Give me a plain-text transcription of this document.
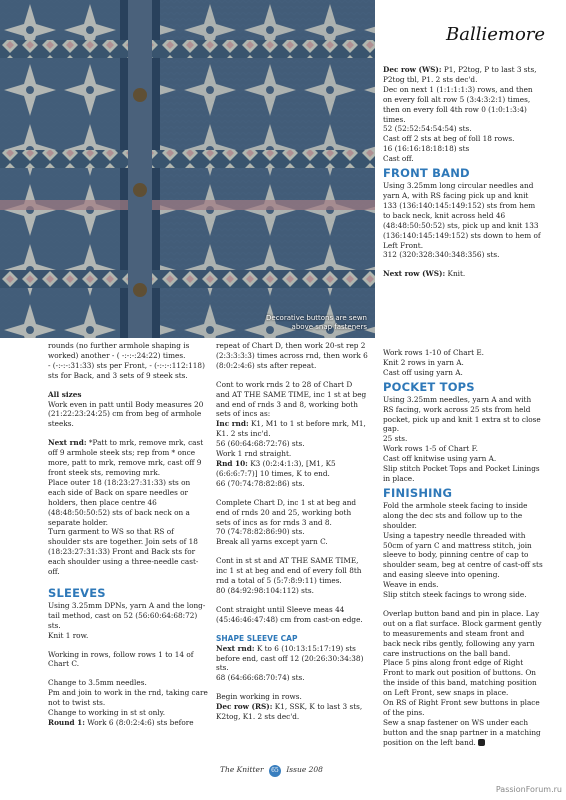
Decorative buttons are sewn above snap fasteners
Balliemore
rounds (no further armhole shaping is worked) another - ( -:-:-:24:22) times.
- (-:-:-:31:33) sts per Front, - (-:-:-:112:118) sts for Back, and 3 sets of 9 steek sts.
All sizes
Work even in patt until Body measures 20 (21:22:23:24:25) cm from beg of armhole steeks.
Next rnd: *Patt to mrk, remove mrk, cast off 9 armhole steek sts; rep from * once more, patt to mrk, remove mrk, cast off 9 front steek sts, removing mrk.
Place outer 18 (18:23:27:31:33) sts on each side of Back on spare needles or holders, then place centre 46 (48:48:50:50:52) sts of back neck on a separate holder.
Turn garment to WS so that RS of shoulder sts are together. Join sets of 18 (18:23:27:31:33) Front and Back sts for each shoulder using a three-needle cast-off.
SLEEVES
Using 3.25mm DPNs, yarn A and the long-tail method, cast on 52 (56:60:64:68:72) sts.
Knit 1 row.
Working in rows, follow rows 1 to 14 of Chart C.
Change to 3.5mm needles.
Pm and join to work in the rnd, taking care not to twist sts.
Change to working in st st only.
Round 1: Work 6 (8:0:2:4:6) sts before
repeat of Chart D, then work 20-st rep 2 (2:3:3:3:3) times across rnd, then work 6 (8:0:2:4:6) sts after repeat.
Cont to work rnds 2 to 28 of Chart D and AT THE SAME TIME, inc 1 st at beg and end of rnds 3 and 8, working both sets of incs as:
Inc rnd: K1, M1 to 1 st before mrk, M1, K1. 2 sts inc'd.
56 (60:64:68:72:76) sts.
Work 1 rnd straight.
Rnd 10: K3 (0:2:4:1:3), [M1, K5 (6:6:6:7:7)] 10 times, K to end.
66 (70:74:78:82:86) sts.
Complete Chart D, inc 1 st at beg and end of rnds 20 and 25, working both sets of incs as for rnds 3 and 8.
70 (74:78:82:86:90) sts.
Break all yarns except yarn C.
Cont in st st and AT THE SAME TIME, inc 1 st at beg and end of every foll 8th rnd a total of 5 (5:7:8:9:11) times.
80 (84:92:98:104:112) sts.
Cont straight until Sleeve meas 44 (45:46:46:47:48) cm from cast-on edge.
SHAPE SLEEVE CAP
Next rnd: K to 6 (10:13:15:17:19) sts before end, cast off 12 (20:26:30:34:38) sts.
68 (64:66:68:70:74) sts.
Begin working in rows.
Dec row (RS): K1, SSK, K to last 3 sts, K2tog, K1. 2 sts dec'd.
Dec row (WS): P1, P2tog, P to last 3 sts, P2tog tbl, P1. 2 sts dec'd.
Dec on next 1 (1:1:1:1:3) rows, and then on every foll alt row 5 (3:4:3:2:1) times, then on every foll 4th row 0 (1:0:1:3:4) times.
52 (52:52:54:54:54) sts.
Cast off 2 sts at beg of foll 18 rows.
16 (16:16:18:18:18) sts
Cast off.
FRONT BAND
Using 3.25mm long circular needles and yarn A, with RS facing pick up and knit 133 (136:140:145:149:152) sts from hem to back neck, knit across held 46 (48:48:50:50:52) sts, pick up and knit 133 (136:140:145:149:152) sts down to hem of Left Front.
312 (320:328:340:348:356) sts.
Next row (WS): Knit.
Work rows 1-10 of Chart E.
Knit 2 rows in yarn A.
Cast off using yarn A.
POCKET TOPS
Using 3.25mm needles, yarn A and with RS facing, work across 25 sts from held pocket, pick up and knit 1 extra st to close gap.
25 sts.
Work rows 1-5 of Chart F.
Cast off knitwise using yarn A.
Slip stitch Pocket Tops and Pocket Linings in place.
FINISHING
Fold the armhole steek facing to inside along the dec sts and follow up to the shoulder.
Using a tapestry needle threaded with 50cm of yarn C and mattress stitch, join sleeve to body, pinning centre of cap to shoulder seam, beg at centre of cast-off sts and easing sleeve into opening.
Weave in ends.
Slip stitch steek facings to wrong side.
Overlap button band and pin in place. Lay out on a flat surface. Block garment gently to measurements and steam front and back neck ribs gently, following any yarn care instructions on the ball band.
Place 5 pins along front edge of Right Front to mark out position of buttons. On the inside of this band, matching position on Left Front, sew snaps in place.
On RS of Right Front sew buttons in place of the pins.
Sew a snap fastener on WS under each button and the snap partner in a matching position on the left band.
The Knitter 65 Issue 208
PassionForum.ru
